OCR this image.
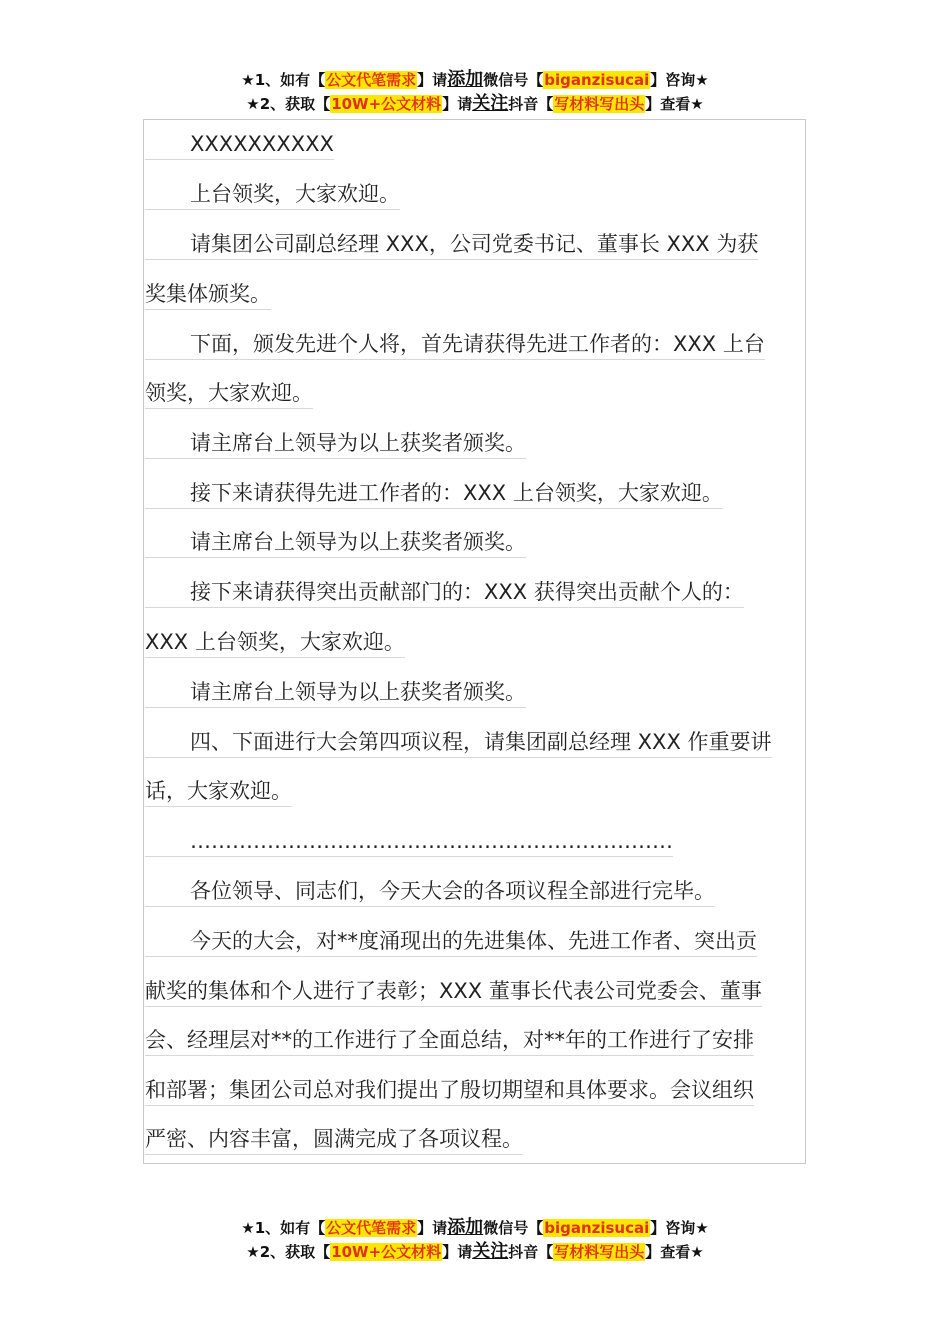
★1、如有【公文代笔需求】请添加微信号【biganzisucai】咨询★
★2、获取【10W+公文材料】请关注抖音【写材料写出头】查看★
XXXXXXXXXX
上台领奖，大家欢迎。
请集团公司副总经理 XXX，公司党委书记、董事长 XXX 为获
奖集体颁奖。
下面，颁发先进个人将，首先请获得先进工作者的：XXX 上台
领奖，大家欢迎。
请主席台上领导为以上获奖者颁奖。
接下来请获得先进工作者的：XXX 上台领奖，大家欢迎。
请主席台上领导为以上获奖者颁奖。
接下来请获得突出贡献部门的：XXX 获得突出贡献个人的：
XXX 上台领奖，大家欢迎。
请主席台上领导为以上获奖者颁奖。
四、下面进行大会第四项议程，请集团副总经理 XXX 作重要讲
话，大家欢迎。
……………………………………………………………
各位领导、同志们，今天大会的各项议程全部进行完毕。
今天的大会，对**度涌现出的先进集体、先进工作者、突出贡
献奖的集体和个人进行了表彰；XXX 董事长代表公司党委会、董事
会、经理层对**的工作进行了全面总结，对**年的工作进行了安排
和部署；集团公司总对我们提出了殷切期望和具体要求。会议组织
严密、内容丰富，圆满完成了各项议程。
★1、如有【公文代笔需求】请添加微信号【biganzisucai】咨询★
★2、获取【10W+公文材料】请关注抖音【写材料写出头】查看★
